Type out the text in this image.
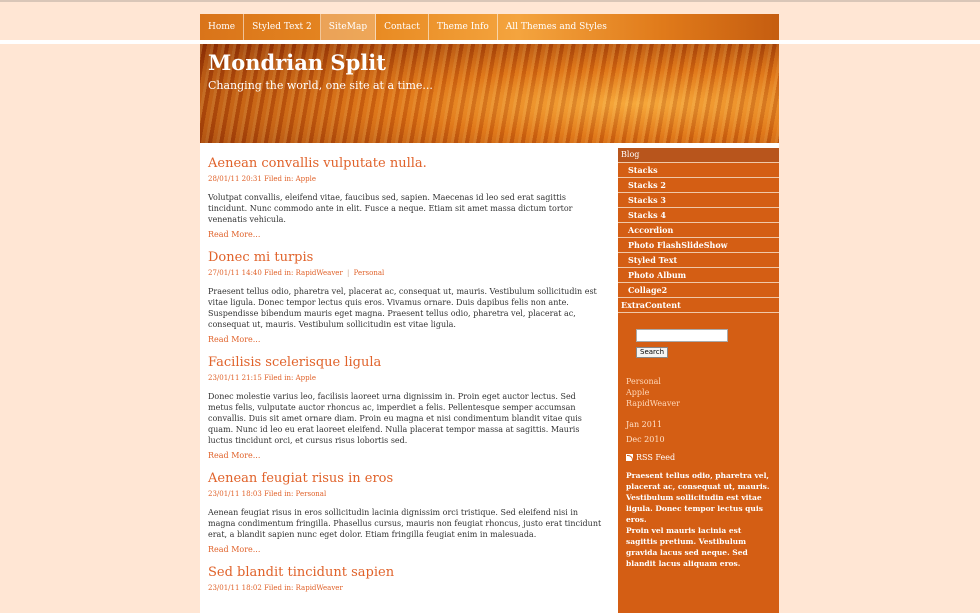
Home	Styled Text 2	SiteMap	Contact	Theme Info	All Themes and Styles
Mondrian Split
Changing the world, one site at a time...
Aenean convallis vulputate nulla.
28/01/11 20:31 Filed in: Apple

Volutpat convallis, eleifend vitae, faucibus sed, sapien. Maecenas id leo sed erat sagittis tincidunt. Nunc commodo ante in elit. Fusce a neque. Etiam sit amet massa dictum tortor venenatis vehicula.

Read More...
Donec mi turpis
27/01/11 14:40 Filed in: RapidWeaver | Personal

Praesent tellus odio, pharetra vel, placerat ac, consequat ut, mauris. Vestibulum sollicitudin est vitae ligula. Donec tempor lectus quis eros. Vivamus ornare. Duis dapibus felis non ante. Suspendisse bibendum mauris eget magna. Praesent tellus odio, pharetra vel, placerat ac, consequat ut, mauris. Vestibulum sollicitudin est vitae ligula.

Read More...
Facilisis scelerisque ligula
23/01/11 21:15 Filed in: Apple

Donec molestie varius leo, facilisis laoreet urna dignissim in. Proin eget auctor lectus. Sed metus felis, vulputate auctor rhoncus ac, imperdiet a felis. Pellentesque semper accumsan convallis. Duis sit amet ornare diam. Proin eu magna et nisi condimentum blandit vitae quis quam. Nunc id leo eu erat laoreet eleifend. Nulla placerat tempor massa at sagittis. Mauris luctus tincidunt orci, et cursus risus lobortis sed.

Read More...
Aenean feugiat risus in eros
23/01/11 18:03 Filed in: Personal

Aenean feugiat risus in eros sollicitudin lacinia dignissim orci tristique. Sed eleifend nisi in magna condimentum fringilla. Phasellus cursus, mauris non feugiat rhoncus, justo erat tincidunt erat, a blandit sapien nunc eget dolor. Etiam fringilla feugiat enim in malesuada.

Read More...
Sed blandit tincidunt sapien
23/01/11 18:02 Filed in: RapidWeaver
Blog
Stacks
Stacks 2
Stacks 3
Stacks 4
Accordion
Photo FlashSlideShow
Styled Text
Photo Album
Collage2
ExtraContent
Search
Personal
Apple
RapidWeaver
Jan 2011
Dec 2010
RSS Feed
Praesent tellus odio, pharetra vel, placerat ac, consequat ut, mauris. Vestibulum sollicitudin est vitae ligula. Donec tempor lectus quis eros.
Proin vel mauris lacinia est sagittis pretium. Vestibulum gravida lacus sed neque. Sed blandit lacus aliquam eros.
